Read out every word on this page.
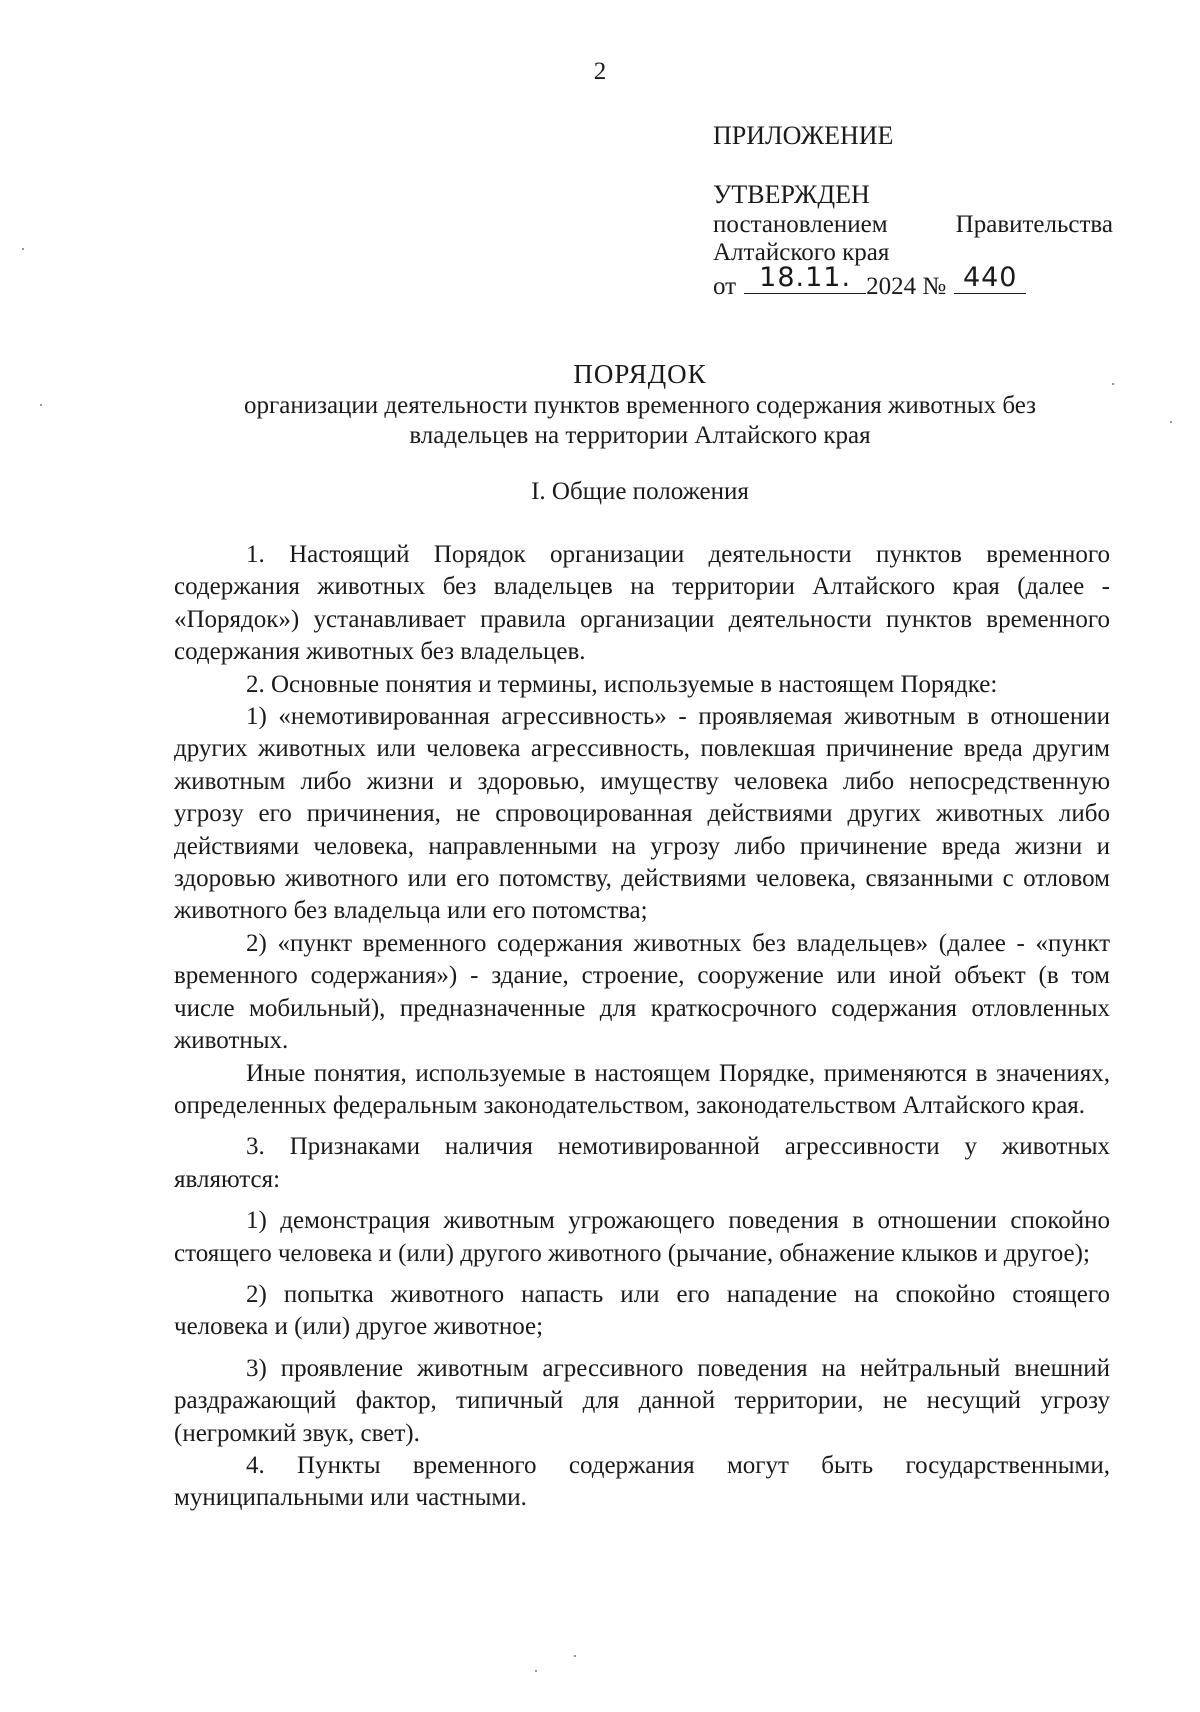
2
ПРИЛОЖЕНИЕ
УТВЕРЖДЕН
постановлением	Правительства
Алтайского края
от 18.11. 2024 № 440
ПОРЯДОК
организации деятельности пунктов временного содержания животных без владельцев на территории Алтайского края
I. Общие положения

1. Настоящий Порядок организации деятельности пунктов временного содержания животных без владельцев на территории Алтайского края (далее - «Порядок») устанавливает правила организации деятельности пунктов временного содержания животных без владельцев.

2. Основные понятия и термины, используемые в настоящем Порядке:

1) «немотивированная агрессивность» - проявляемая животным в отношении других животных или человека агрессивность, повлекшая причинение вреда другим животным либо жизни и здоровью, имуществу человека либо непосредственную угрозу его причинения, не спровоцированная действиями других животных либо действиями человека, направленными на угрозу либо причинение вреда жизни и здоровью животного или его потомству, действиями человека, связанными с отловом животного без владельца или его потомства;

2) «пункт временного содержания животных без владельцев» (далее - «пункт временного содержания») - здание, строение, сооружение или иной объект (в том числе мобильный), предназначенные для краткосрочного содержания отловленных животных.

Иные понятия, используемые в настоящем Порядке, применяются в значениях, определенных федеральным законодательством, законодательством Алтайского края.

3. Признаками наличия немотивированной агрессивности у животных являются:

1) демонстрация животным угрожающего поведения в отношении спокойно стоящего человека и (или) другого животного (рычание, обнажение клыков и другое);

2) попытка животного напасть или его нападение на спокойно стоящего человека и (или) другое животное;

3) проявление животным агрессивного поведения на нейтральный внешний раздражающий фактор, типичный для данной территории, не несущий угрозу (негромкий звук, свет).

4. Пункты временного содержания могут быть государственными, муниципальными или частными.
